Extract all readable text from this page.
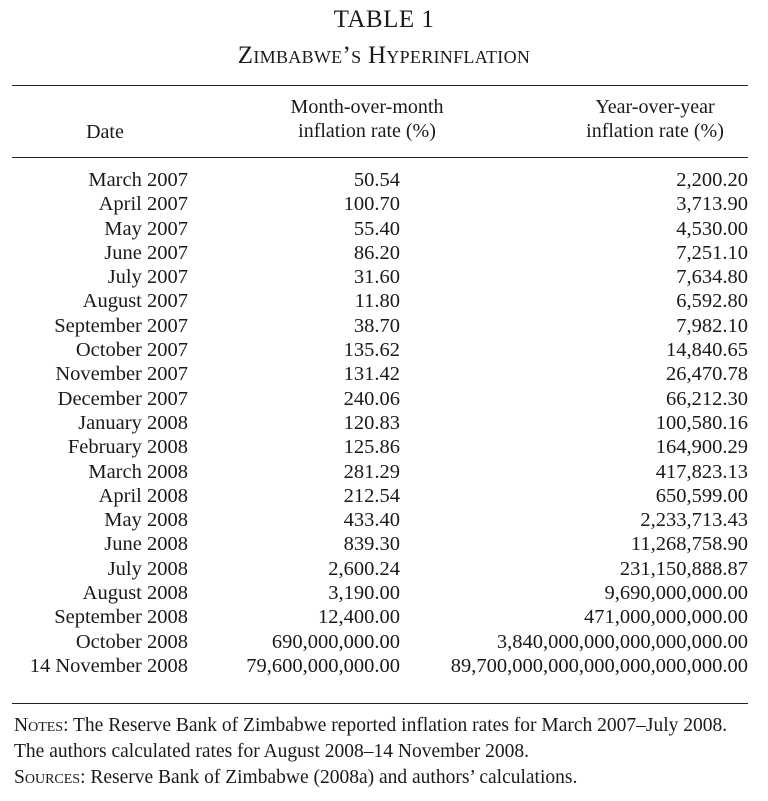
TABLE 1
Zimbabwe’s Hyperinflation
Date
Month-over-month
inflation rate (%)
Year-over-year
inflation rate (%)
March 2007	50.54	2,200.20
April 2007	100.70	3,713.90
May 2007	55.40	4,530.00
June 2007	86.20	7,251.10
July 2007	31.60	7,634.80
August 2007	11.80	6,592.80
September 2007	38.70	7,982.10
October 2007	135.62	14,840.65
November 2007	131.42	26,470.78
December 2007	240.06	66,212.30
January 2008	120.83	100,580.16
February 2008	125.86	164,900.29
March 2008	281.29	417,823.13
April 2008	212.54	650,599.00
May 2008	433.40	2,233,713.43
June 2008	839.30	11,268,758.90
July 2008	2,600.24	231,150,888.87
August 2008	3,190.00	9,690,000,000.00
September 2008	12,400.00	471,000,000,000.00
October 2008	690,000,000.00	3,840,000,000,000,000,000.00
14 November 2008	79,600,000,000.00 89,700,000,000,000,000,000,000.00
Notes: The Reserve Bank of Zimbabwe reported inflation rates for March 2007–July 2008. The authors calculated rates for August 2008–14 November 2008.
Sources: Reserve Bank of Zimbabwe (2008a) and authors’ calculations.
